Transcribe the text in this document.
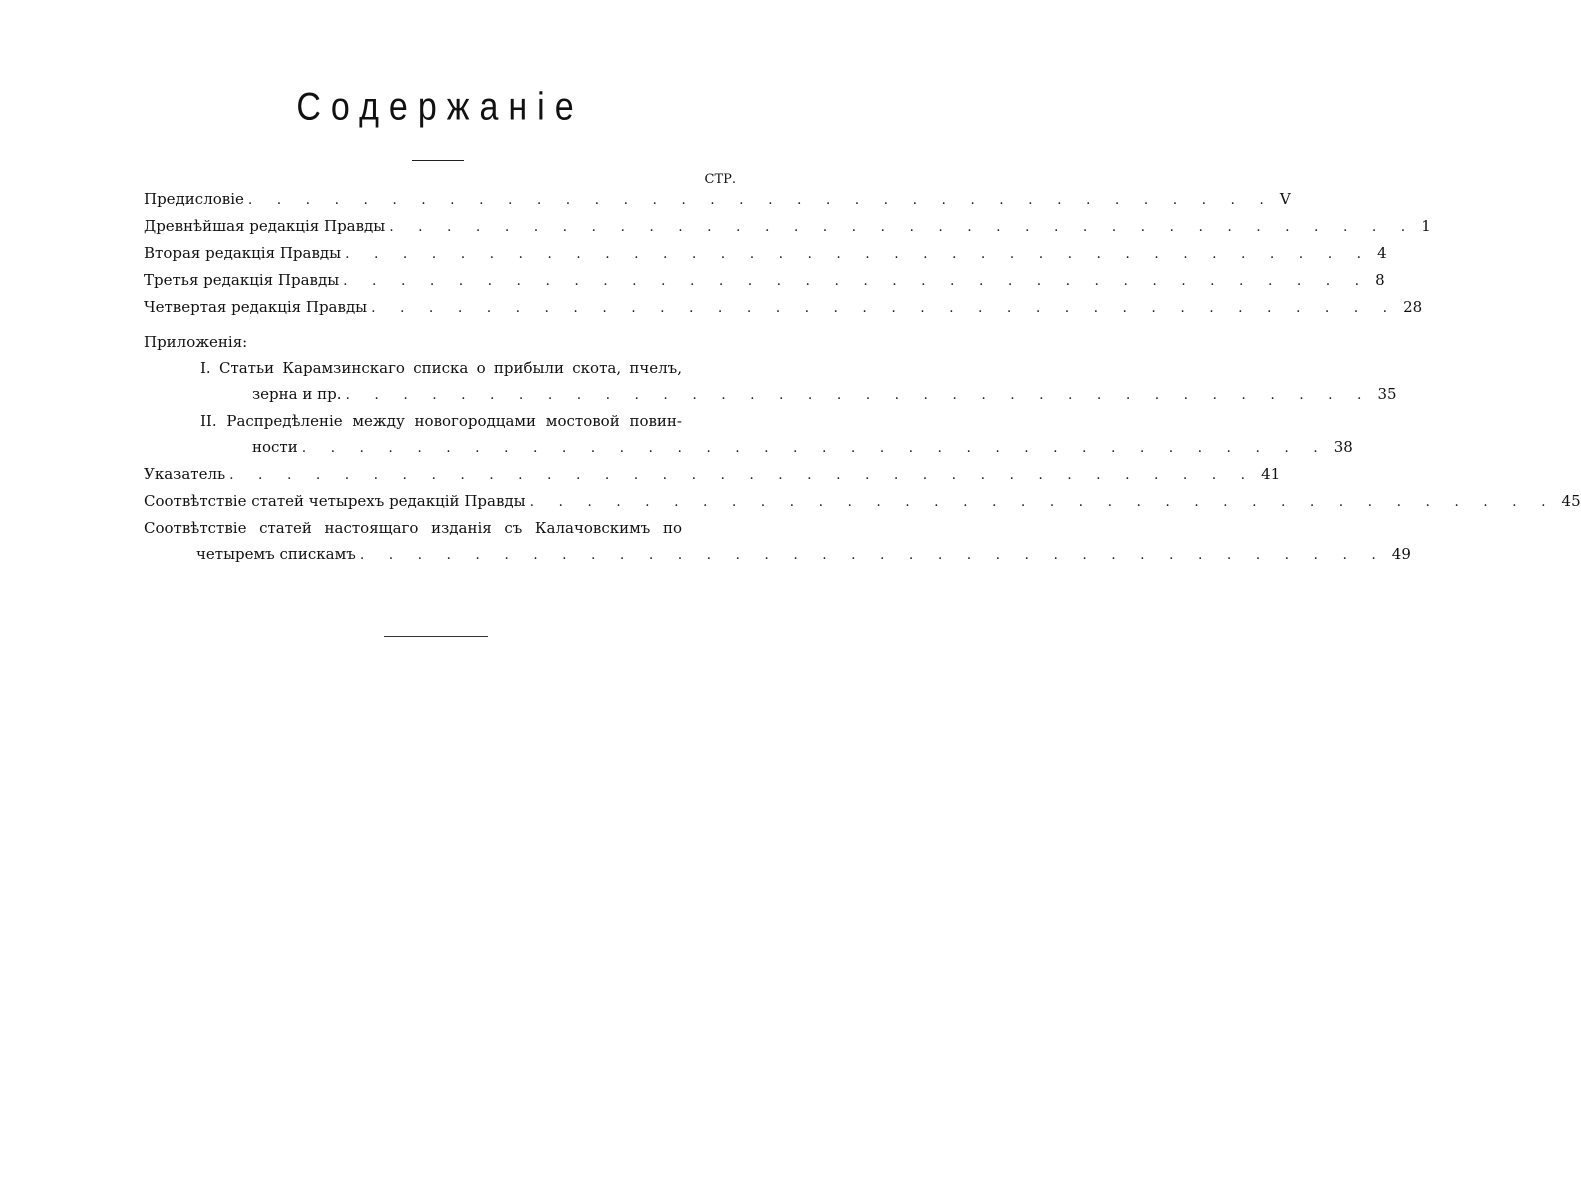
Содержаніе
СТР.
Предисловіе . . . . . . . . . . . . . . . . . . . . . . . . . . . . . . . . . . . . V
Древнѣйшая редакція Правды . . . . . . . . . . . . . . . . . . . . . . . . . . . . . . . . . . . . 1
Вторая редакція Правды . . . . . . . . . . . . . . . . . . . . . . . . . . . . . . . . . . . . 4
Третья редакція Правды . . . . . . . . . . . . . . . . . . . . . . . . . . . . . . . . . . . . 8
Четвертая редакція Правды . . . . . . . . . . . . . . . . . . . . . . . . . . . . . . . . . . . . 28
Приложенія:
I. Статьи Карамзинскаго списка о прибыли скота, пчелъ,
зерна и пр. . . . . . . . . . . . . . . . . . . . . . . . . . . . . . . . . . . . . 35
II. Распредѣленіе между новогородцами мостовой повин-
ности . . . . . . . . . . . . . . . . . . . . . . . . . . . . . . . . . . . . 38
Указатель . . . . . . . . . . . . . . . . . . . . . . . . . . . . . . . . . . . . 41
Соотвѣтствіе статей четырехъ редакцій Правды . . . . . . . . . . . . . . . . . . . . . . . . . . . . . . . . . . . . 45
Соотвѣтствіе статей настоящаго изданія съ Калачовскимъ по
четыремъ спискамъ . . . . . . . . . . . . . . . . . . . . . . . . . . . . . . . . . . . . 49
